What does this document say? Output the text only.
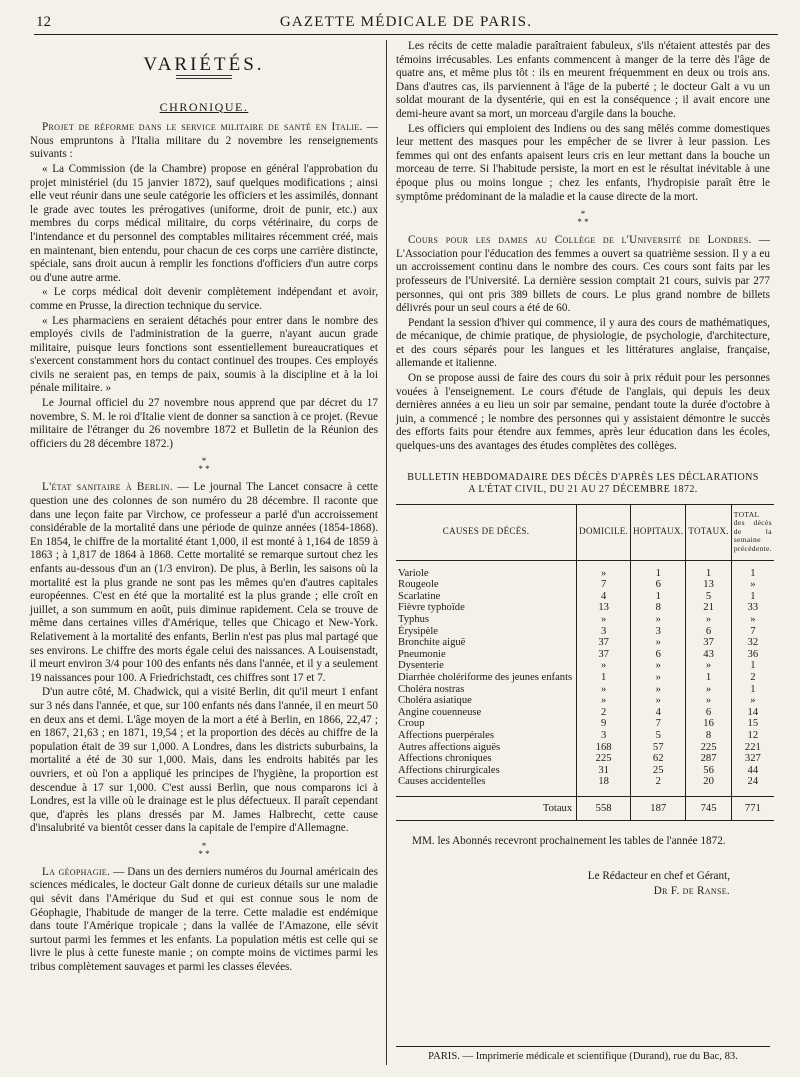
12	GAZETTE MÉDICALE DE PARIS.
VARIÉTÉS.
CHRONIQUE.

Projet de réforme dans le service militaire de santé en Italie. — Nous empruntons à l'Italia militare du 2 novembre les renseignements suivants :

« La Commission (de la Chambre) propose en général l'approbation du projet ministériel (du 15 janvier 1872), sauf quelques modifications ; ainsi elle veut réunir dans une seule catégorie les officiers et les assimilés, donnant le grade avec toutes les prérogatives (uniforme, droit de punir, etc.) aux membres du corps médical militaire, du corps vétérinaire, du corps de l'intendance et du personnel des comptables militaires récemment créé, mais en maintenant, bien entendu, pour chacun de ces corps une carrière distincte, spéciale, sans droit aucun à remplir les fonctions d'officiers d'un autre corps ou d'une autre arme.

« Le corps médical doit devenir complètement indépendant et avoir, comme en Prusse, la direction technique du service.

« Les pharmaciens en seraient détachés pour entrer dans le nombre des employés civils de l'administration de la guerre, n'ayant aucun grade militaire, puisque leurs fonctions sont essentiellement bureaucratiques et s'exercent constamment hors du contact continuel des troupes. Ces employés civils ne seraient pas, en temps de paix, soumis à la discipline et à la loi pénale militaire. »

Le Journal officiel du 27 novembre nous apprend que par décret du 17 novembre, S. M. le roi d'Italie vient de donner sa sanction à ce projet. (Revue militaire de l'étranger du 26 novembre 1872 et Bulletin de la Réunion des officiers du 28 décembre 1872.)

*
* *

L'état sanitaire à Berlin. — Le journal The Lancet consacre à cette question une des colonnes de son numéro du 28 décembre. Il raconte que dans une leçon faite par Virchow, ce professeur a parlé d'un accroissement considérable de la mortalité dans une période de quinze années (1854-1868). En 1854, le chiffre de la mortalité étant 1,000, il est monté à 1,164 de 1859 à 1863 ; à 1,817 de 1864 à 1868. Cette mortalité se remarque surtout chez les enfants au-dessous d'un an (1/3 environ). De plus, à Berlin, les saisons où la mortalité est la plus grande ne sont pas les mêmes qu'en d'autres capitales européennes. C'est en été que la mortalité est la plus grande ; elle croît en juillet, a son summum en août, puis diminue rapidement. Cela se trouve de même dans certaines villes d'Amérique, telles que Chicago et New-York. Relativement à la mortalité des enfants, Berlin n'est pas plus mal partagé que ses environs. Le chiffre des morts égale celui des naissances. A Louisenstadt, il meurt environ 3/4 pour 100 des enfants nés dans l'année, et il y a seulement 19 naissances pour 100. A Friedrichstadt, ces chiffres sont 17 et 7.

D'un autre côté, M. Chadwick, qui a visité Berlin, dit qu'il meurt 1 enfant sur 3 nés dans l'année, et que, sur 100 enfants nés dans l'année, il en meurt 50 en deux ans et demi. L'âge moyen de la mort a été à Berlin, en 1866, 22,47 ; en 1867, 21,63 ; en 1871, 19,54 ; et la proportion des décès au chiffre de la population était de 39 sur 1,000. A Londres, dans les districts suburbains, la mortalité a été de 30 sur 1,000. Mais, dans les endroits habités par les ouvriers, et où l'on a appliqué les principes de l'hygiène, la proportion est descendue à 17 sur 1,000. C'est aussi Berlin, que nous comparons ici à Londres, est la ville où le drainage est le plus défectueux. Il paraît cependant que, d'après les plans dressés par M. James Halbrecht, cette cause d'insalubrité va bientôt cesser dans la capitale de l'empire d'Allemagne.

*
* *

La géophagie. — Dans un des derniers numéros du Journal américain des sciences médicales, le docteur Galt donne de curieux détails sur une maladie qui sévit dans l'Amérique du Sud et qui est connue sous le nom de Géophagie, l'habitude de manger de la terre. Cette maladie est endémique dans toute l'Amérique tropicale ; dans la vallée de l'Amazone, elle sévit surtout parmi les femmes et les enfants. La population métis est celle qui se livre le plus à cette funeste manie ; on compte moins de victimes parmi les tribus complètement sauvages et parmi les classes élevées.

Les récits de cette maladie paraîtraient fabuleux, s'ils n'étaient attestés par des témoins irrécusables. Les enfants commencent à manger de la terre dès l'âge de quatre ans, et même plus tôt : ils en meurent fréquemment en deux ou trois ans. Dans d'autres cas, ils parviennent à l'âge de la puberté ; le docteur Galt a vu un soldat mourant de la dysentérie, qui en est la conséquence ; il avait encore une demi-heure avant sa mort, un morceau d'argile dans la bouche.

Les officiers qui emploient des Indiens ou des sang mêlés comme domestiques leur mettent des masques pour les empêcher de se livrer à leur passion. Les femmes qui ont des enfants apaisent leurs cris en leur mettant dans la bouche un morceau de terre. Si l'habitude persiste, la mort en est le résultat inévitable à une époque plus ou moins longue ; chez les enfants, l'hydropisie paraît être le symptôme prédominant de la maladie et la cause directe de la mort.

*
* *

Cours pour les dames au Collège de l'Université de Londres. — L'Association pour l'éducation des femmes a ouvert sa quatrième session. Il y a eu un accroissement continu dans le nombre des cours. Ces cours sont faits par les professeurs de l'Université. La dernière session comptait 21 cours, suivis par 277 personnes, qui ont pris 389 billets de cours. Le plus grand nombre de billets délivrés pour un seul cours a été de 60.

Pendant la session d'hiver qui commence, il y aura des cours de mathématiques, de mécanique, de chimie pratique, de physiologie, de psychologie, d'architecture, et des cours séparés pour les langues et les littératures anglaise, française, allemande et italienne.

On se propose aussi de faire des cours du soir à prix réduit pour les personnes vouées à l'enseignement. Le cours d'étude de l'anglais, qui depuis les deux dernières années a eu lieu un soir par semaine, pendant toute la durée d'octobre à juin, a commencé ; le nombre des personnes qui y assistaient démontre le succès des efforts faits pour étendre aux femmes, après leur éducation dans les écoles, quelques-uns des avantages des études complètes des collèges.

BULLETIN HEBDOMADAIRE DES DÉCÈS D'APRÈS LES DÉCLARATIONS
A L'ÉTAT CIVIL, DU 21 AU 27 DÉCEMBRE 1872.
CAUSES DE DÉCÈS.	DOMICILE.	HOPITAUX.	TOTAUX.	TOTAL des décès de la semaine précédente.
Variole	»	1	1	1
Rougeole	7	6	13	»
Scarlatine	4	1	5	1
Fièvre typhoïde	13	8	21	33
Typhus	»	»	»	»
Érysipèle	3	3	6	7
Bronchite aiguë	37	»	37	32
Pneumonie	37	6	43	36
Dysenterie	»	»	»	1
Diarrhée cholériforme des jeunes enfants	1	»	1	2
Choléra nostras	»	»	»	1
Choléra asiatique	»	»	»	»
Angine couenneuse	2	4	6	14
Croup	9	7	16	15
Affections puerpérales	3	5	8	12
Autres affections aiguës	168	57	225	221
Affections chroniques	225	62	287	327
Affections chirurgicales	31	25	56	44
Causes accidentelles	18	2	20	24
Totaux	558	187	745	771

MM. les Abonnés recevront prochainement les tables de l'année 1872.

Le Rédacteur en chef et Gérant,
Dr F. de Ranse.
PARIS. — Imprimerie médicale et scientifique (Durand), rue du Bac, 83.
